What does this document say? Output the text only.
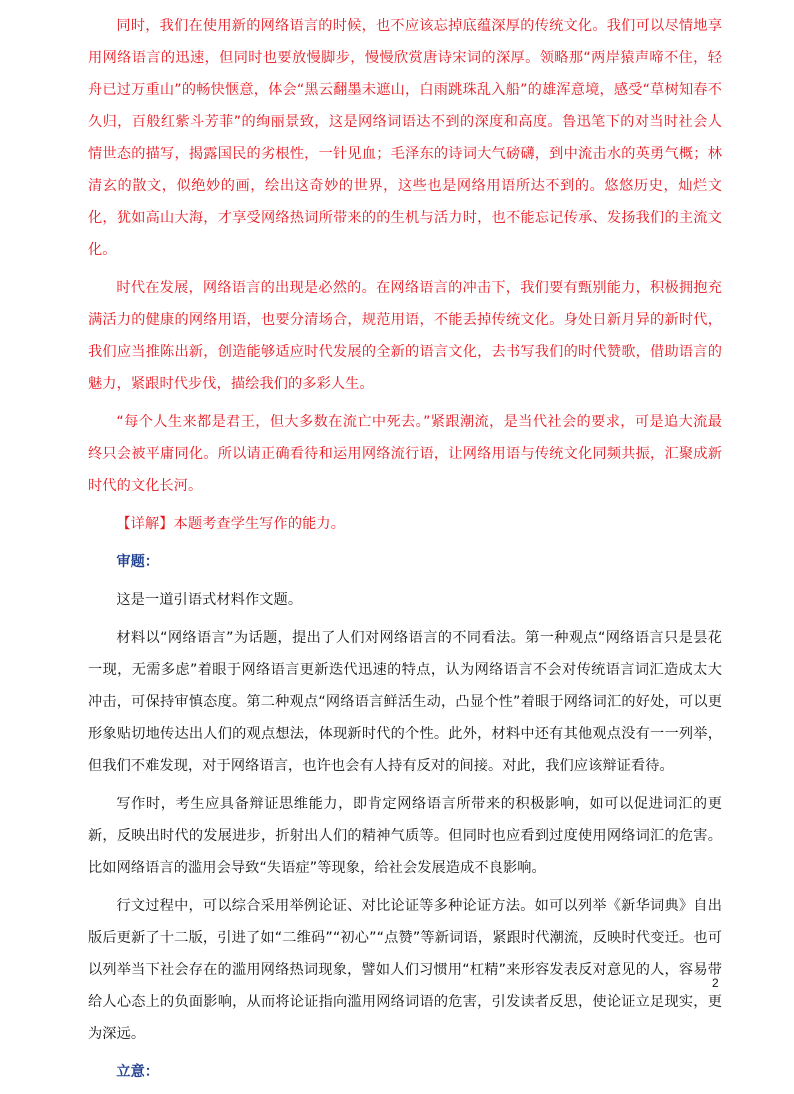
同时，我们在使用新的网络语言的时候，也不应该忘掉底蕴深厚的传统文化。我们可以尽情地享用网络语言的迅速，但同时也要放慢脚步，慢慢欣赏唐诗宋词的深厚。领略那“两岸猿声啼不住，轻舟已过万重山”的畅快惬意，体会“黑云翻墨未遮山，白雨跳珠乱入船”的雄浑意境，感受“草树知春不久归，百般红紫斗芳菲”的绚丽景致，这是网络词语达不到的深度和高度。鲁迅笔下的对当时社会人情世态的描写，揭露国民的劣根性，一针见血；毛泽东的诗词大气磅礴，到中流击水的英勇气概；林清玄的散文，似绝妙的画，绘出这奇妙的世界，这些也是网络用语所达不到的。悠悠历史，灿烂文化，犹如高山大海，才享受网络热词所带来的的生机与活力时，也不能忘记传承、发扬我们的主流文化。

时代在发展，网络语言的出现是必然的。在网络语言的冲击下，我们要有甄别能力，积极拥抱充满活力的健康的网络用语，也要分清场合，规范用语，不能丢掉传统文化。身处日新月异的新时代，我们应当推陈出新，创造能够适应时代发展的全新的语言文化，去书写我们的时代赞歌，借助语言的魅力，紧跟时代步伐，描绘我们的多彩人生。

“每个人生来都是君王，但大多数在流亡中死去。”紧跟潮流，是当代社会的要求，可是追大流最终只会被平庸同化。所以请正确看待和运用网络流行语，让网络用语与传统文化同频共振，汇聚成新时代的文化长河。

【详解】本题考查学生写作的能力。

审题：

这是一道引语式材料作文题。

材料以“网络语言”为话题，提出了人们对网络语言的不同看法。第一种观点“网络语言只是昙花一现，无需多虑”着眼于网络语言更新迭代迅速的特点，认为网络语言不会对传统语言词汇造成太大冲击，可保持审慎态度。第二种观点“网络语言鲜活生动，凸显个性”着眼于网络词汇的好处，可以更形象贴切地传达出人们的观点想法，体现新时代的个性。此外，材料中还有其他观点没有一一列举，但我们不难发现，对于网络语言，也许也会有人持有反对的间接。对此，我们应该辩证看待。

写作时，考生应具备辩证思维能力，即肯定网络语言所带来的积极影响，如可以促进词汇的更新，反映出时代的发展进步，折射出人们的精神气质等。但同时也应看到过度使用网络词汇的危害。比如网络语言的滥用会导致“失语症”等现象，给社会发展造成不良影响。

行文过程中，可以综合采用举例论证、对比论证等多种论证方法。如可以列举《新华词典》自出版后更新了十二版，引进了如“二维码”“初心”“点赞”等新词语，紧跟时代潮流，反映时代变迁。也可以列举当下社会存在的滥用网络热词现象，譬如人们习惯用“杠精”来形容发表反对意见的人，容易带给人心态上的负面影响，从而将论证指向滥用网络词语的危害，引发读者反思，使论证立足现实，更为深远。

立意：

2
